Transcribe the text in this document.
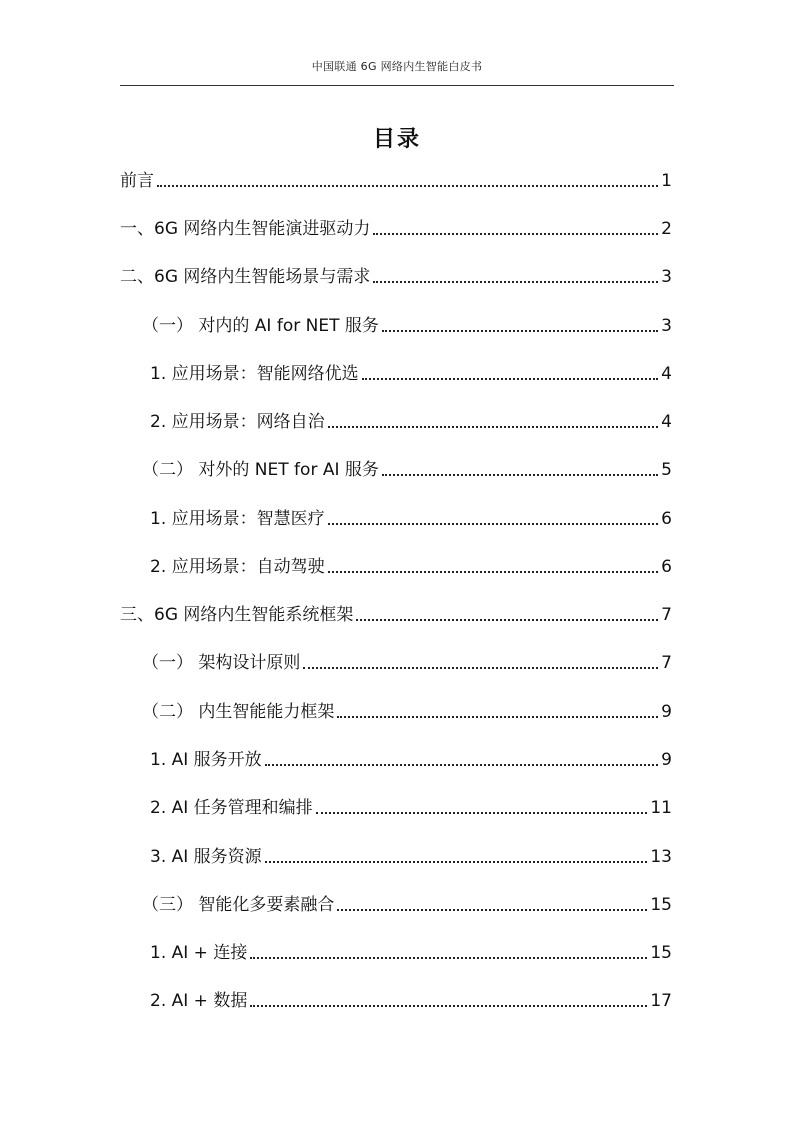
中国联通 6G 网络内生智能白皮书
目录
前言	1
一、6G 网络内生智能演进驱动力	2
二、6G 网络内生智能场景与需求	3
（一） 对内的 AI for NET 服务	3
1. 应用场景：智能网络优选	4
2. 应用场景：网络自治	4
（二） 对外的 NET for AI 服务	5
1. 应用场景：智慧医疗	6
2. 应用场景：自动驾驶	6
三、6G 网络内生智能系统框架	7
（一） 架构设计原则	7
（二） 内生智能能力框架	9
1. AI 服务开放	9
2. AI 任务管理和编排	11
3. AI 服务资源	13
（三） 智能化多要素融合	15
1. AI + 连接	15
2. AI + 数据	17
